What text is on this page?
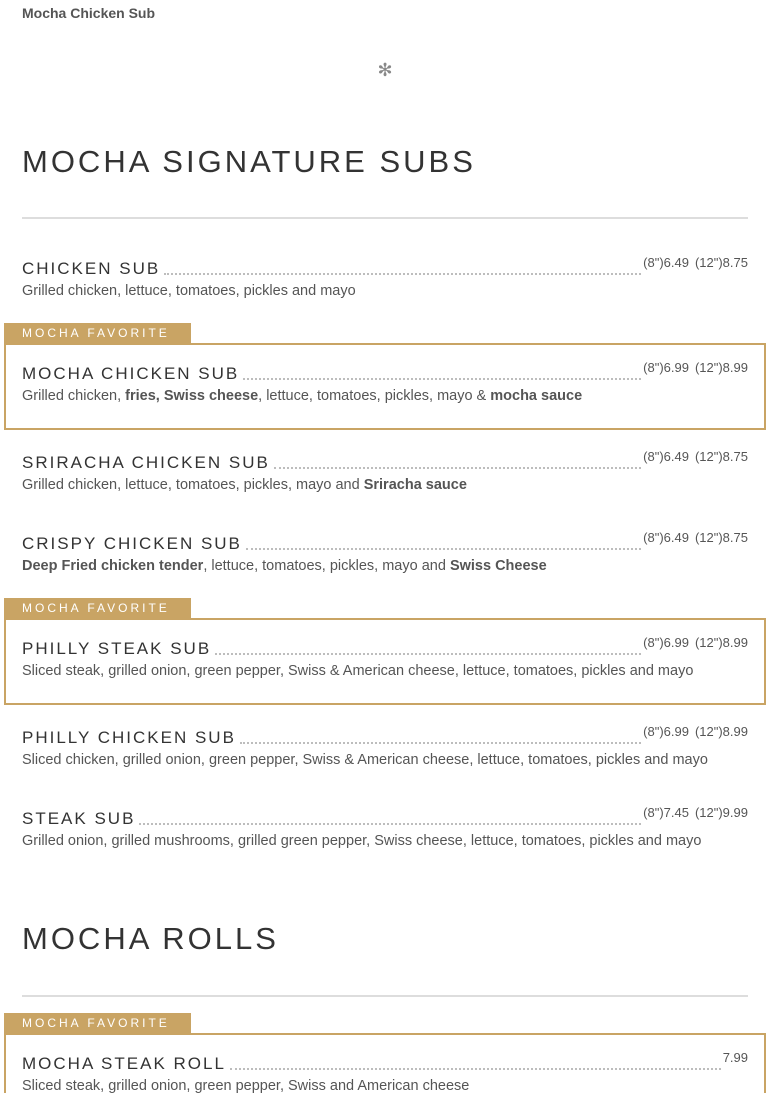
Mocha Chicken Sub
✻
MOCHA SIGNATURE SUBS
CHICKEN SUB	(8")6.49 (12")8.75
Grilled chicken, lettuce, tomatoes, pickles and mayo
MOCHA FAVORITE
MOCHA CHICKEN SUB	(8")6.99 (12")8.99
Grilled chicken, fries, Swiss cheese, lettuce, tomatoes, pickles, mayo & mocha sauce
SRIRACHA CHICKEN SUB	(8")6.49 (12")8.75
Grilled chicken, lettuce, tomatoes, pickles, mayo and Sriracha sauce
CRISPY CHICKEN SUB	(8")6.49 (12")8.75
Deep Fried chicken tender, lettuce, tomatoes, pickles, mayo and Swiss Cheese
MOCHA FAVORITE
PHILLY STEAK SUB	(8")6.99 (12")8.99
Sliced steak, grilled onion, green pepper, Swiss & American cheese, lettuce, tomatoes, pickles and mayo
PHILLY CHICKEN SUB	(8")6.99 (12")8.99
Sliced chicken, grilled onion, green pepper, Swiss & American cheese, lettuce, tomatoes, pickles and mayo
STEAK SUB	(8")7.45 (12")9.99
Grilled onion, grilled mushrooms, grilled green pepper, Swiss cheese, lettuce, tomatoes, pickles and mayo
MOCHA ROLLS
MOCHA FAVORITE
MOCHA STEAK ROLL	7.99
Sliced steak, grilled onion, green pepper, Swiss and American cheese
